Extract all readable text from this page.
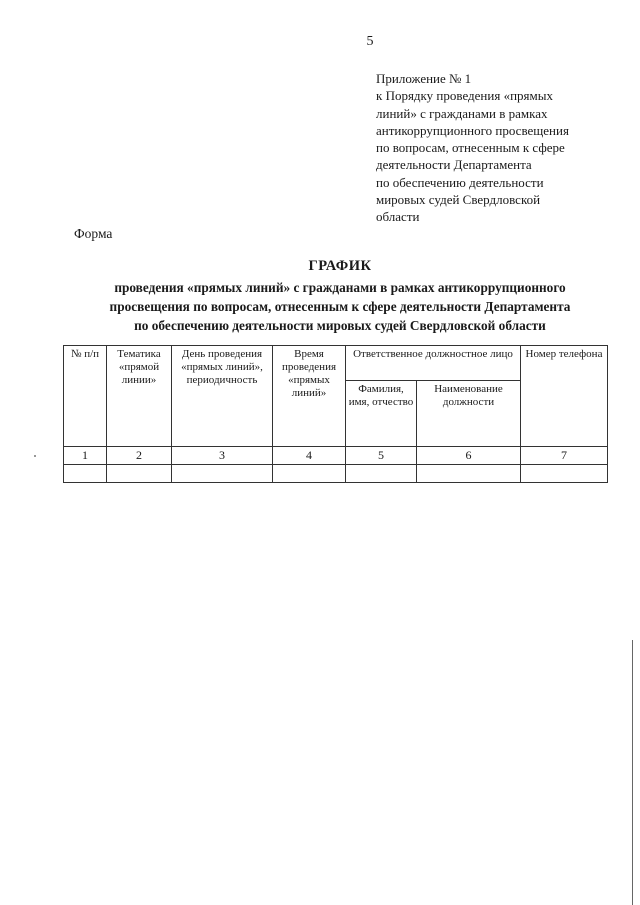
5
Приложение № 1
к Порядку проведения «прямых
линий» с гражданами в рамках
антикоррупционного просвещения
по вопросам, отнесенным к сфере
деятельности Департамента
по обеспечению деятельности
мировых судей Свердловской
области
Форма
ГРАФИК
проведения «прямых линий» с гражданами в рамках антикоррупционного
просвещения по вопросам, отнесенным к сфере деятельности Департамента
по обеспечению деятельности мировых судей Свердловской области
№ п/п	Тематика «прямой линии»	День проведения «прямых линий», периодичность	Время проведения «прямых линий»	Ответственное должностное лицо		Номер телефона
				Фамилия, имя, отчество	Наименование должности	
1	2	3	4	5	6	7
